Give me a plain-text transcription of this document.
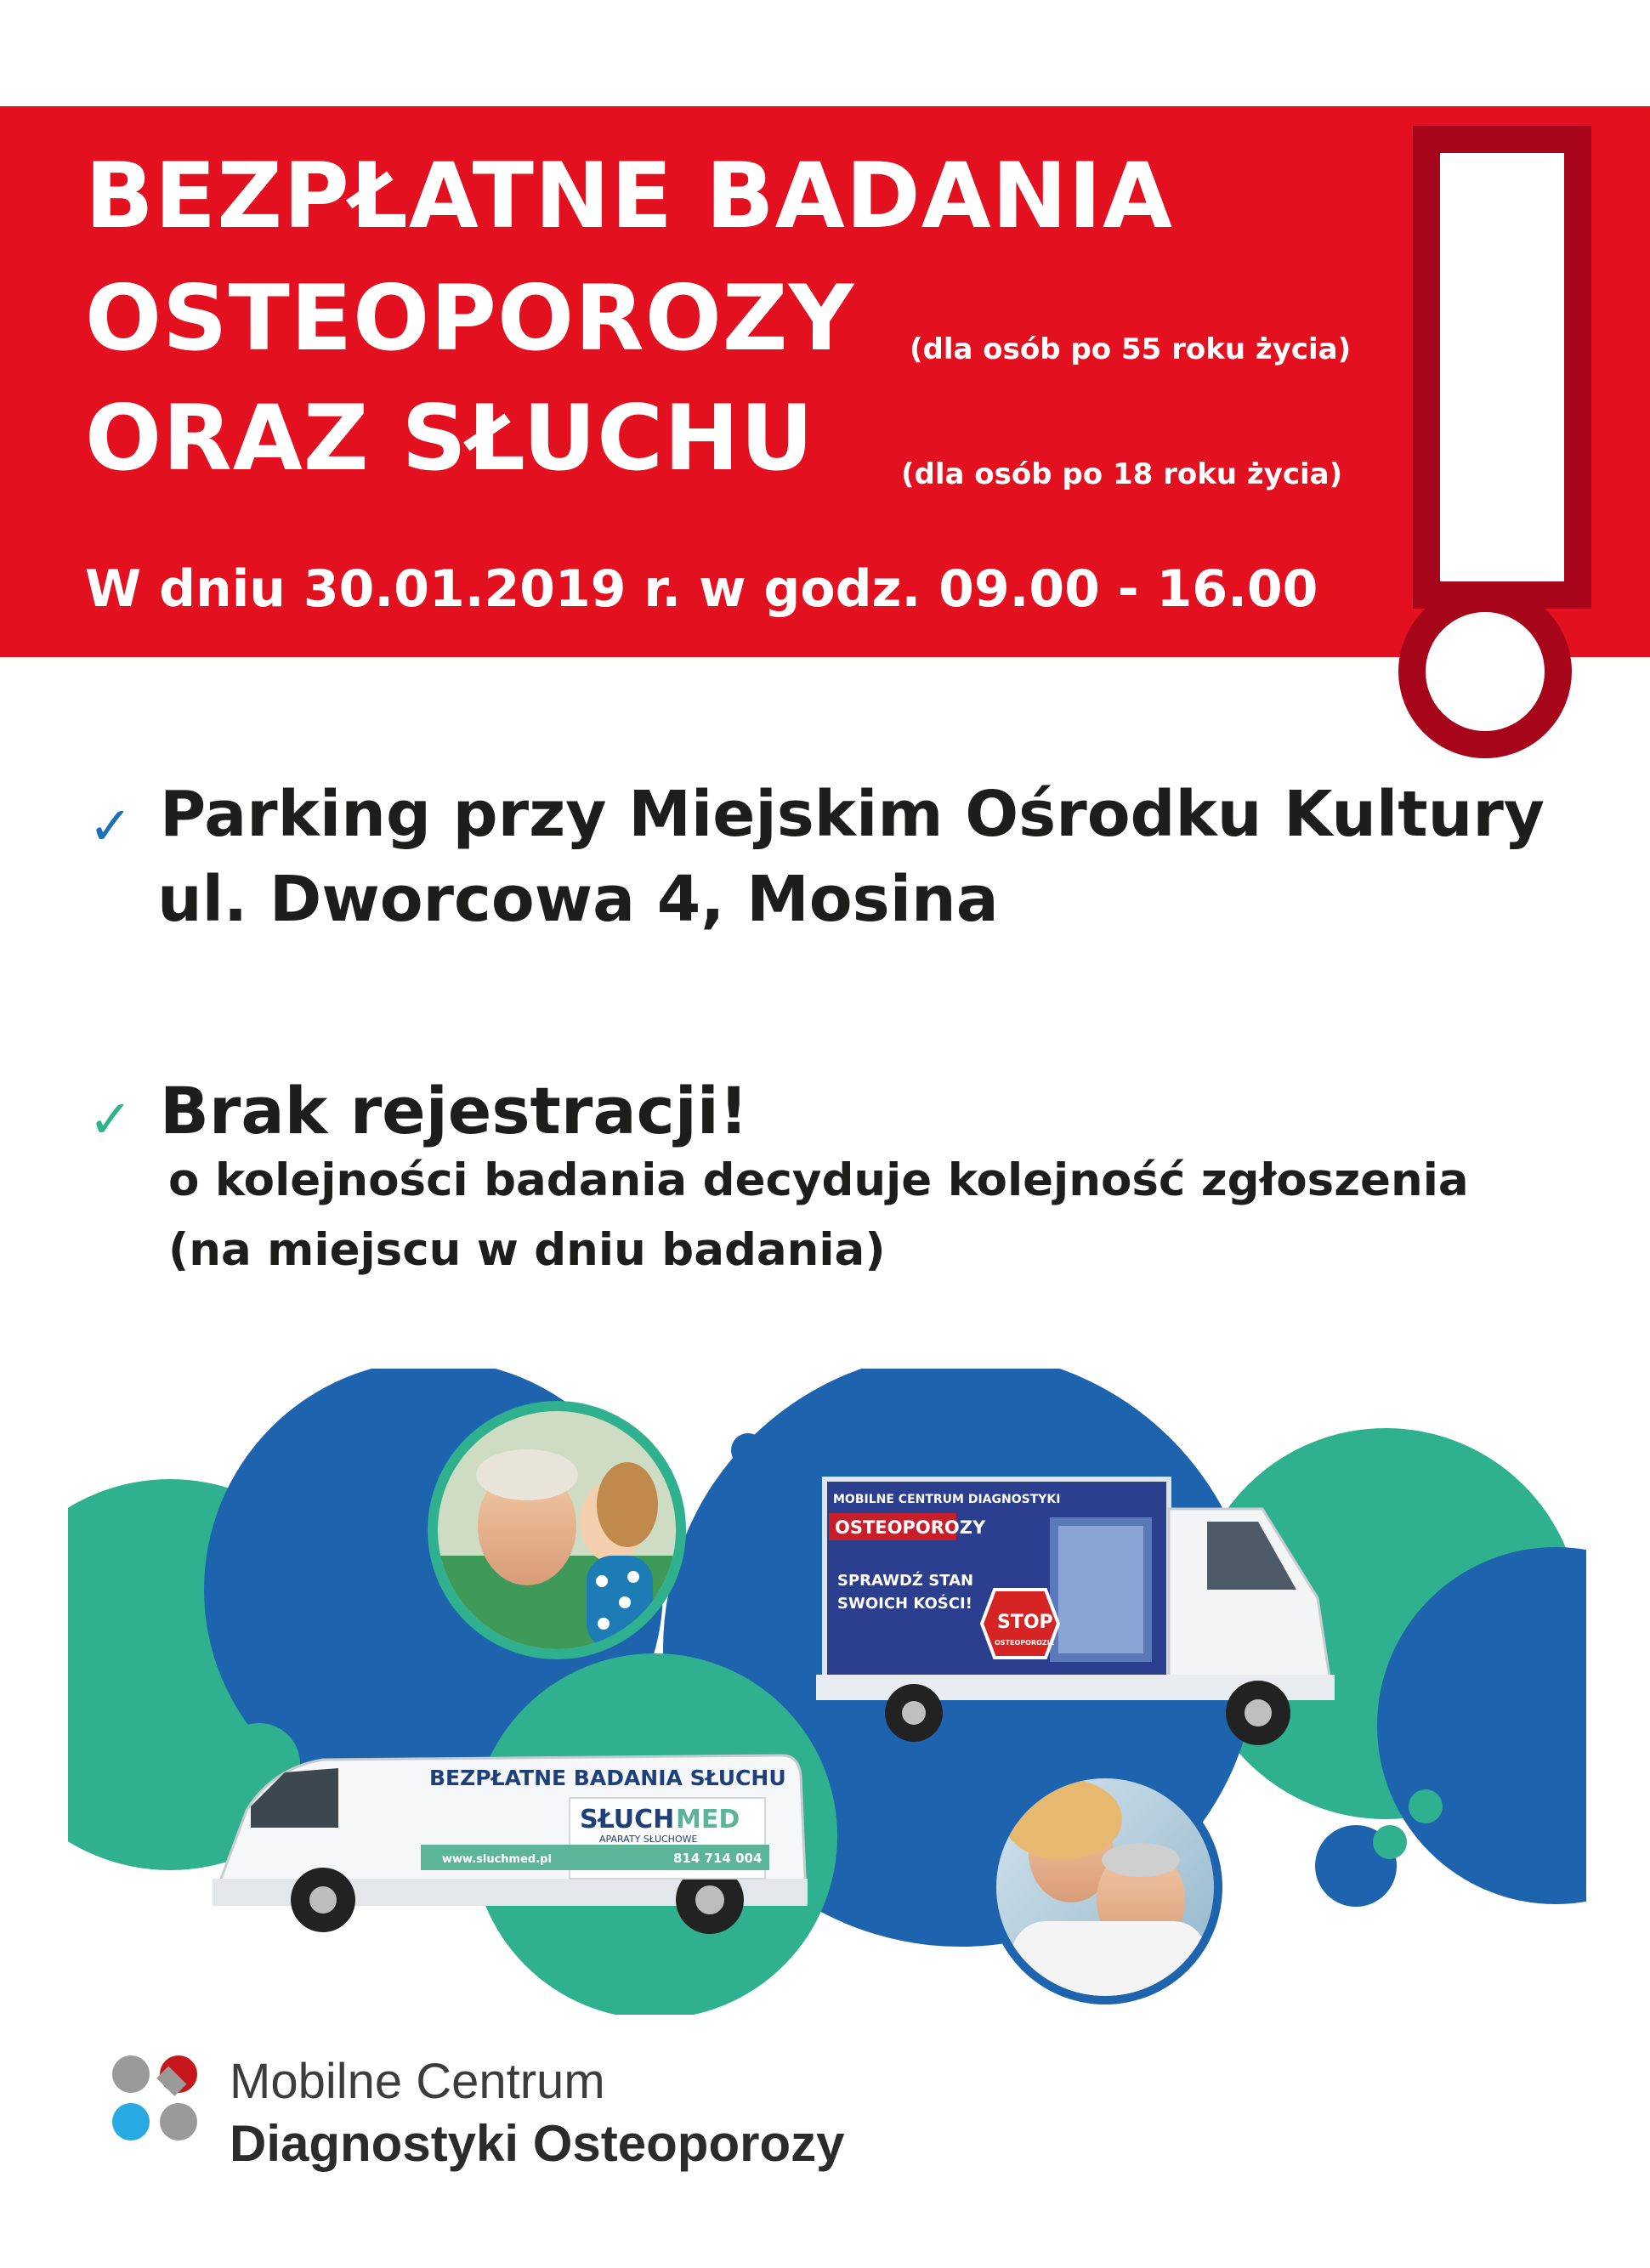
BEZPŁATNE BADANIA
OSTEOPOROZY (dla osób po 55 roku życia)
ORAZ SŁUCHU	(dla osób po 18 roku życia)
W dniu 30.01.2019 r. w godz. 09.00 - 16.00
✓ Parking przy Miejskim Ośrodku Kultury
ul. Dworcowa 4, Mosina
✓ Brak rejestracji!
o kolejności badania decyduje kolejność zgłoszenia
(na miejscu w dniu badania)
MOBILNE CENTRUM DIAGNOSTYKI
OSTEOPOROZY
SPRAWDŹ STAN
SWOICH KOŚCI!
STOP
OSTEOPOROZIE
BEZPŁATNE BADANIA SŁUCHU
SŁUCH MED
APARATY SŁUCHOWE
www.sluchmed.pl	814 714 004
Mobilne Centrum
Diagnostyki Osteoporozy
